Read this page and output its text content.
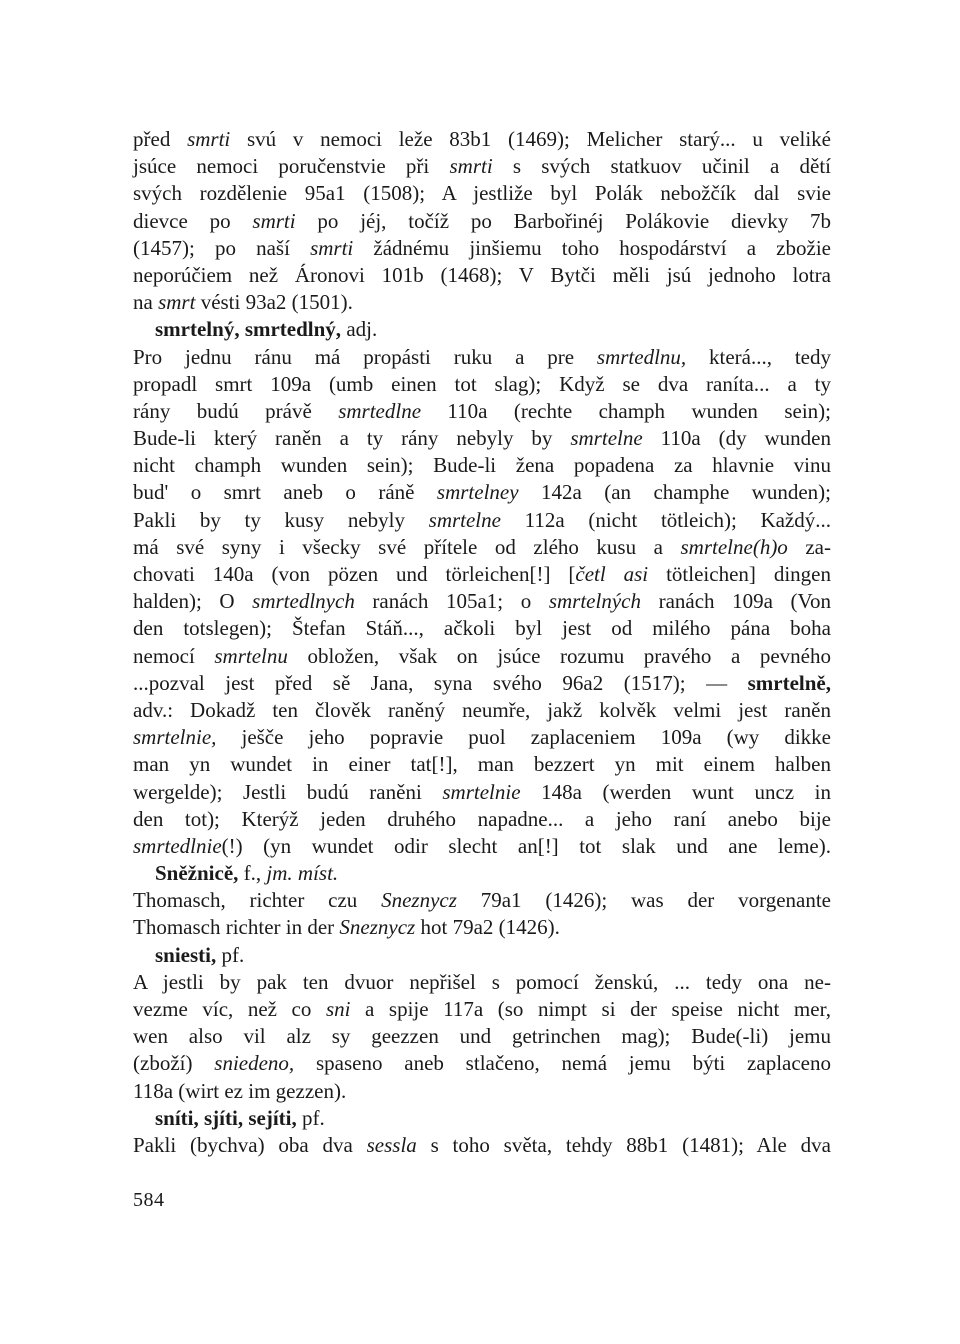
před smrti svú v nemoci leže 83b1 (1469); Melicher starý... u veliké
jsúce nemoci poručenstvie při smrti s svých statkuov učinil a dětí
svých rozdělenie 95a1 (1508); A jestliže byl Polák nebožčík dal svie
dievce po smrti po jéj, točíž po Barbořinéj Polákovie dievky 7b
(1457); po naší smrti žádnému jinšiemu toho hospodárství a zbožie
neporúčiem než Áronovi 101b (1468); V Bytči měli jsú jednoho lotra
na smrt vésti 93a2 (1501).
smrtelný, smrtedlný, adj.
Pro jednu ránu má propásti ruku a pre smrtedlnu, která..., tedy
propadl smrt 109a (umb einen tot slag); Když se dva raníta... a ty
rány budú právě smrtedlne 110a (rechte champh wunden sein);
Bude-li který raněn a ty rány nebyly by smrtelne 110a (dy wunden
nicht champh wunden sein); Bude-li žena popadena za hlavnie vinu
bud' o smrt aneb o ráně smrtelney 142a (an champhe wunden);
Pakli by ty kusy nebyly smrtelne 112a (nicht tötleich); Každý...
má své syny i všecky své přítele od zlého kusu a smrtelne(h)o za-
chovati 140a (von pözen und törleichen[!] [četl asi tötleichen] dingen
halden); O smrtedlnych ranách 105a1; o smrtelných ranách 109a (Von
den totslegen); Štefan Stáň..., ačkoli byl jest od milého pána boha
nemocí smrtelnu obložen, však on jsúce rozumu pravého a pevného
...pozval jest před sě Jana, syna svého 96a2 (1517); — smrtelně,
adv.: Dokadž ten člověk raněný neumře, jakž kolvěk velmi jest raněn
smrtelnie, ješče jeho popravie puol zaplaceniem 109a (wy dikke
man yn wundet in einer tat[!], man bezzert yn mit einem halben
wergelde); Jestli budú raněni smrtelnie 148a (werden wunt uncz in
den tot); Kterýž jeden druhého napadne... a jeho raní anebo bije
smrtedlnie(!) (yn wundet odir slecht an[!] tot slak und ane leme).
Sněžnicě, f., jm. míst.
Thomasch, richter czu Sneznycz 79a1 (1426); was der vorgenante
Thomasch richter in der Sneznycz hot 79a2 (1426).
sniesti, pf.
A jestli by pak ten dvuor nepřišel s pomocí ženskú, ... tedy ona ne-
vezme víc, než co sni a spije 117a (so nimpt si der speise nicht mer,
wen also vil alz sy geezzen und getrinchen mag); Bude(-li) jemu
(zboží) sniedeno, spaseno aneb stlačeno, nemá jemu býti zaplaceno
118a (wirt ez im gezzen).
sníti, sjíti, sejíti, pf.
Pakli (bychva) oba dva sessla s toho světa, tehdy 88b1 (1481); Ale dva
584
